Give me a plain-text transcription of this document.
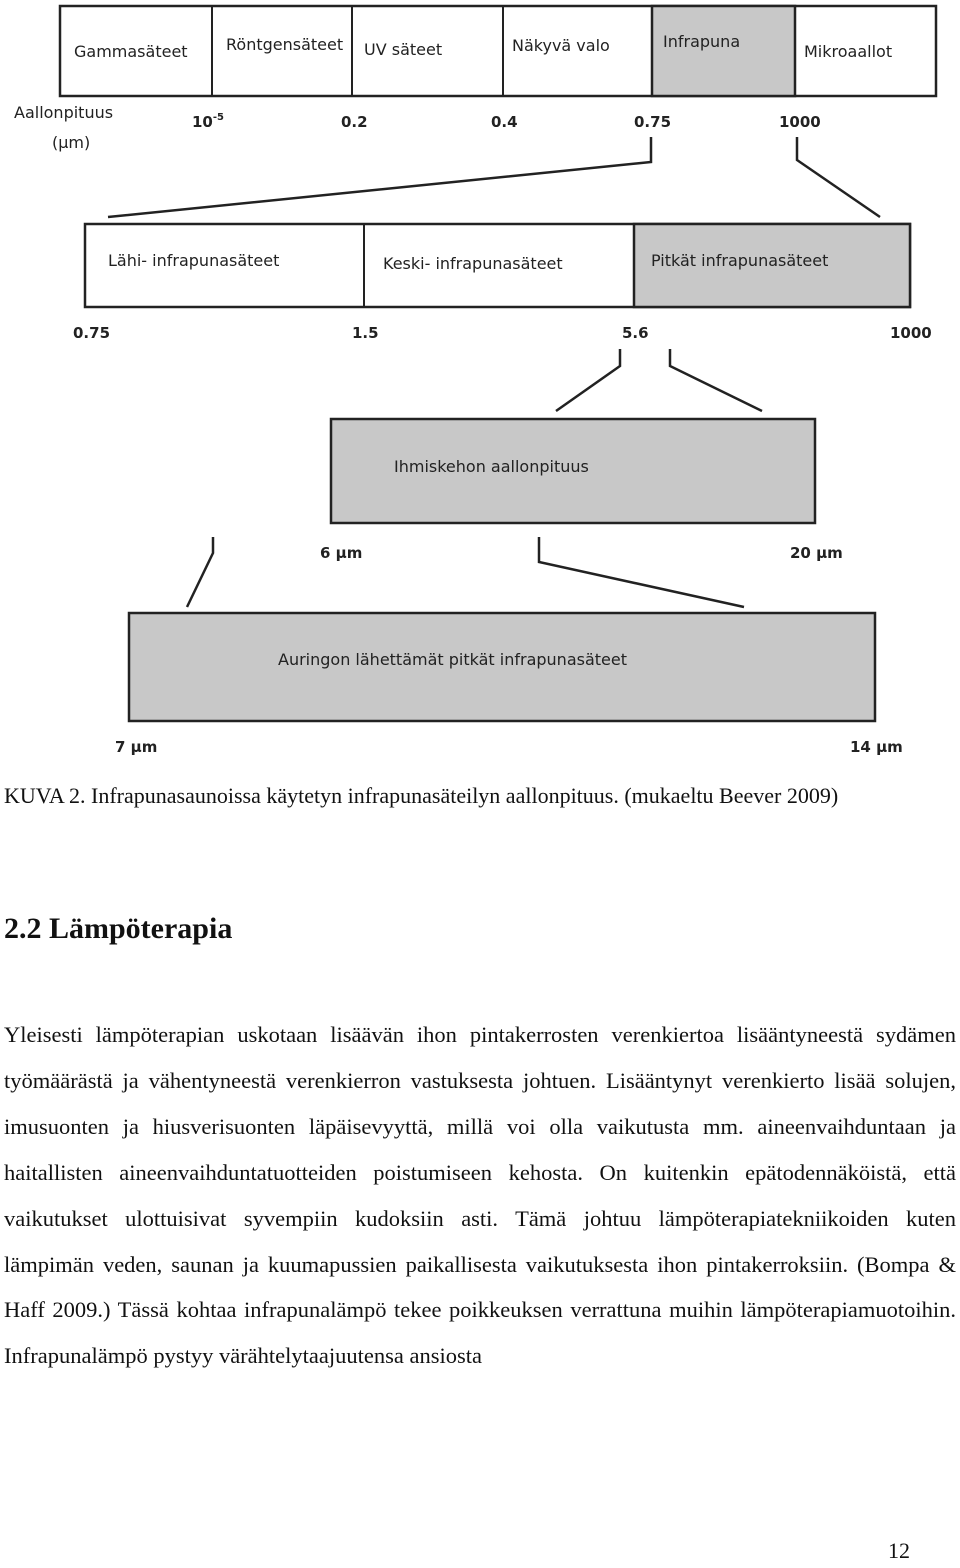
Gammasäteet Röntgensäteet UV säteet	Näkyvä valo	Infrapuna
Mikroaallot
Aallonpituus
(µm)
$10^{-5}$	0.2	0.4	0.75	1000
Lähi- infrapunasäteet	Keski- infrapunasäteet	Pitkät infrapunasäteet
0.75	1.5	5.6	1000
Ihmiskehon aallonpituus
6 µm	20 µm
Auringon lähettämät pitkät infrapunasäteet
7 µm	14 µm
KUVA 2. Infrapunasaunoissa käytetyn infrapunasäteilyn aallonpituus. (mukaeltu Beever 2009)
2.2 Lämpöterapia

Yleisesti lämpöterapian uskotaan lisäävän ihon pintakerrosten verenkiertoa lisääntyneestä sydämen työmäärästä ja vähentyneestä verenkierron vastuksesta johtuen. Lisääntynyt verenkierto lisää solujen, imusuonten ja hiusverisuonten läpäisevyyttä, millä voi olla vaikutusta mm. aineenvaihduntaan ja haitallisten aineenvaihduntatuotteiden poistumiseen kehosta. On kuitenkin epätodennäköistä, että vaikutukset ulottuisivat syvempiin kudoksiin asti. Tämä johtuu lämpöterapiatekniikoiden kuten lämpimän veden, saunan ja kuumapussien paikallisesta vaikutuksesta ihon pintakerroksiin. (Bompa & Haff 2009.) Tässä kohtaa infrapunalämpö tekee poikkeuksen verrattuna muihin lämpöterapiamuotoihin. Infrapunalämpö pystyy värähtelytaajuutensa ansiosta

12
